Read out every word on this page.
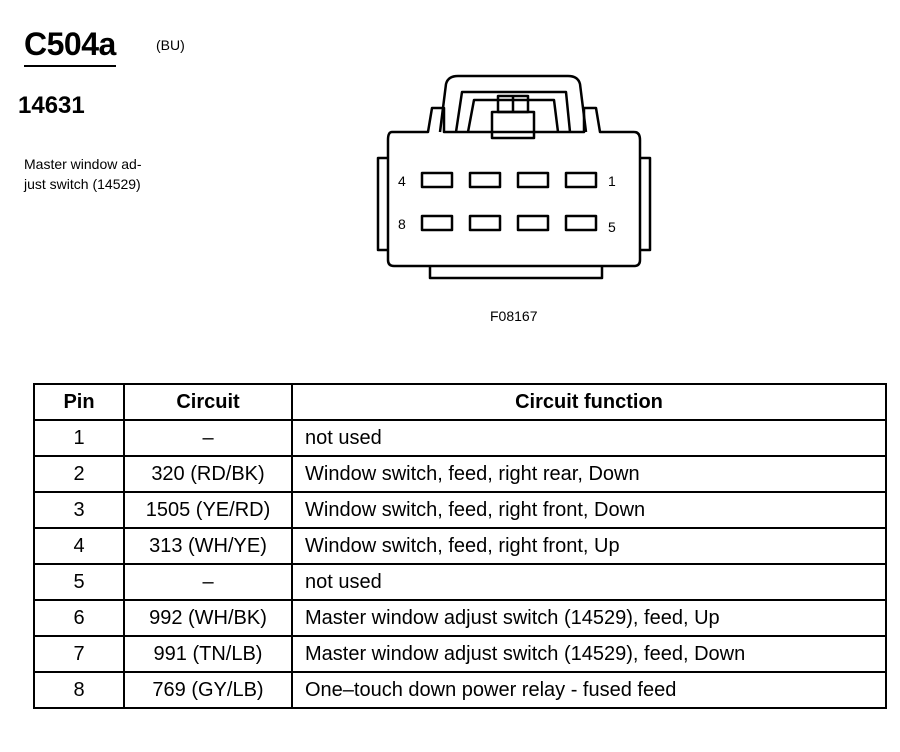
C504a	(BU)
14631
Master window ad-
just switch (14529)	4	1
8	5
F08167
Pin	Circuit	Circuit function
1	–	not used
2	320 (RD/BK)	Window switch, feed, right rear, Down
3	1505 (YE/RD)	Window switch, feed, right front, Down
4	313 (WH/YE)	Window switch, feed, right front, Up
5	–	not used
6	992 (WH/BK)	Master window adjust switch (14529), feed, Up
7	991 (TN/LB)	Master window adjust switch (14529), feed, Down
8	769 (GY/LB)	One–touch down power relay - fused feed
